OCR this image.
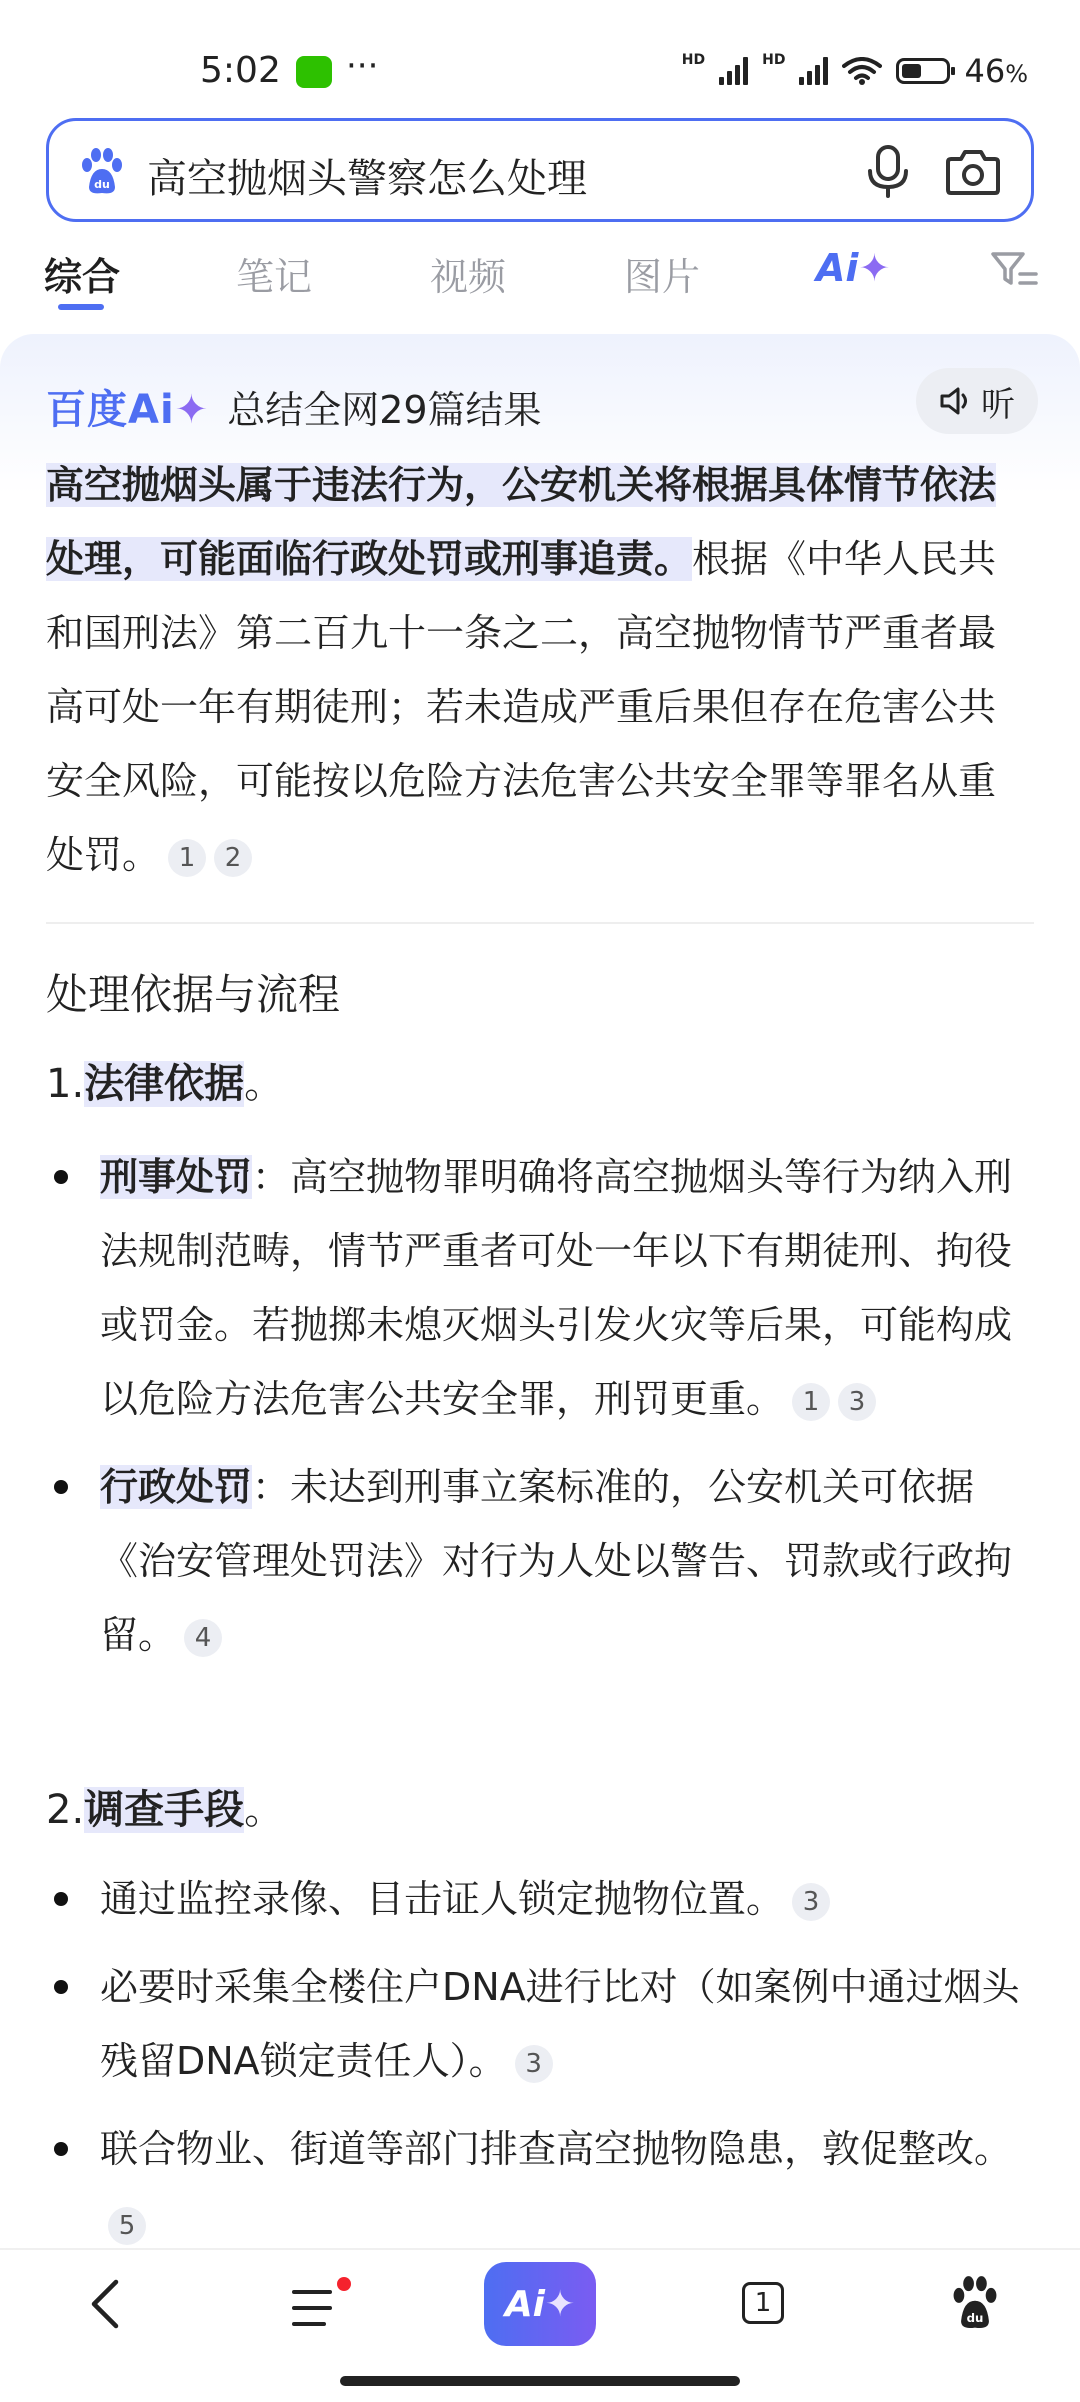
5:02 ···	HD	HD	46%
du 高空抛烟头警察怎么处理
综合	笔记	视频	图片	Ai✦
百度Ai✦ 总结全网29篇结果	听
高空抛烟头属于违法行为，公安机关将根据具体情节依法处理，可能面临行政处罚或刑事追责。根据《中华人民共和国刑法》第二百九十一条之二，高空抛物情节严重者最高可处一年有期徒刑；若未造成严重后果但存在危害公共安全风险，可能按以危险方法危害公共安全罪等罪名从重处罚。 1 2
处理依据与流程
1.法律依据。
刑事处罚：高空抛物罪明确将高空抛烟头等行为纳入刑法规制范畴，情节严重者可处一年以下有期徒刑、拘役或罚金。若抛掷未熄灭烟头引发火灾等后果，可能构成以危险方法危害公共安全罪，刑罚更重。 1 3
行政处罚：未达到刑事立案标准的，公安机关可依据《治安管理处罚法》对行为人处以警告、罚款或行政拘留。 4
2.调查手段。
通过监控录像、目击证人锁定抛物位置。 3
必要时采集全楼住户DNA进行比对（如案例中通过烟头残留DNA锁定责任人）。 3
联合物业、街道等部门排查高空抛物隐患，敦促整改。5
Ai ✦	1
du
